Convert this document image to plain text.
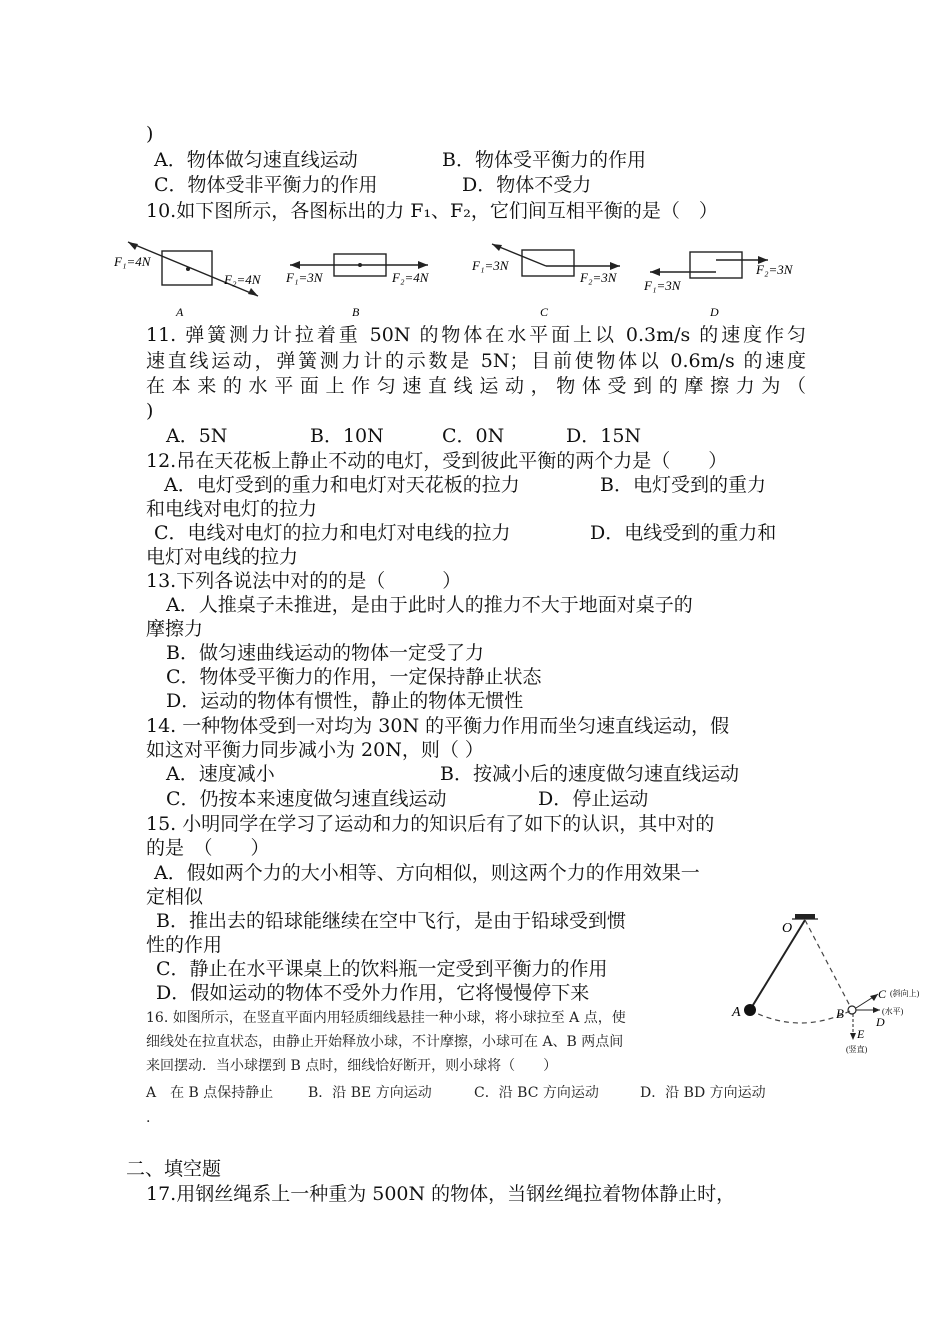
)
A．物体做匀速直线运动	B．物体受平衡力的作用
C．物体受非平衡力的作用	D．物体不受力
10.如下图所示，各图标出的力 F₁、F₂，它们间互相平衡的是（　）
F₁=4N
F₂=4N
A
F₁=3N	F₂=4N
B
F₁=3N
F₂=3N
C
F₂=3N
F₁=3N
D
11. 弹簧测力计拉着重 50N 的物体在水平面上以 0.3m/s 的速度作匀
速直线运动，弹簧测力计的示数是 5N；目前使物体以 0.6m/s 的速度
在本来的水平面上作匀速直线运动，物体受到的摩擦力为（
)
A．5N	B．10N	C．0N	D．15N
12.吊在天花板上静止不动的电灯，受到彼此平衡的两个力是（　　）
A．电灯受到的重力和电灯对天花板的拉力	B．电灯受到的重力
和电线对电灯的拉力
C．电线对电灯的拉力和电灯对电线的拉力	D．电线受到的重力和
电灯对电线的拉力
13.下列各说法中对的的是（　　　）
A．人推桌子未推进，是由于此时人的推力不大于地面对桌子的
摩擦力
B．做匀速曲线运动的物体一定受了力
C．物体受平衡力的作用，一定保持静止状态
D．运动的物体有惯性，静止的物体无惯性
14. 一种物体受到一对均为 30N 的平衡力作用而坐匀速直线运动，假
如这对平衡力同步减小为 20N，则（ ）
A．速度减小	B．按减小后的速度做匀速直线运动
C．仍按本来速度做匀速直线运动	D．停止运动
15. 小明同学在学习了运动和力的知识后有了如下的认识，其中对的
的是　（　　）
A．假如两个力的大小相等、方向相似，则这两个力的作用效果一
定相似
B．推出去的铅球能继续在空中飞行，是由于铅球受到惯
性的作用
C．静止在水平课桌上的饮料瓶一定受到平衡力的作用
D．假如运动的物体不受外力作用，它将慢慢停下来
O
A	B
C (斜向上)
D
(水平)
E
(竖直)
16. 如图所示，在竖直平面内用轻质细线悬挂一种小球，将小球拉至 A 点，使
细线处在拉直状态，由静止开始释放小球，不计摩擦，小球可在 A、B 两点间
来回摆动．当小球摆到 B 点时，细线恰好断开，则小球将（　　）
A　在 B 点保持静止 B．沿 BE 方向运动	C．沿 BC 方向运动	D．沿 BD 方向运动
.
二、填空题
17.用钢丝绳系上一种重为 500N 的物体，当钢丝绳拉着物体静止时，
